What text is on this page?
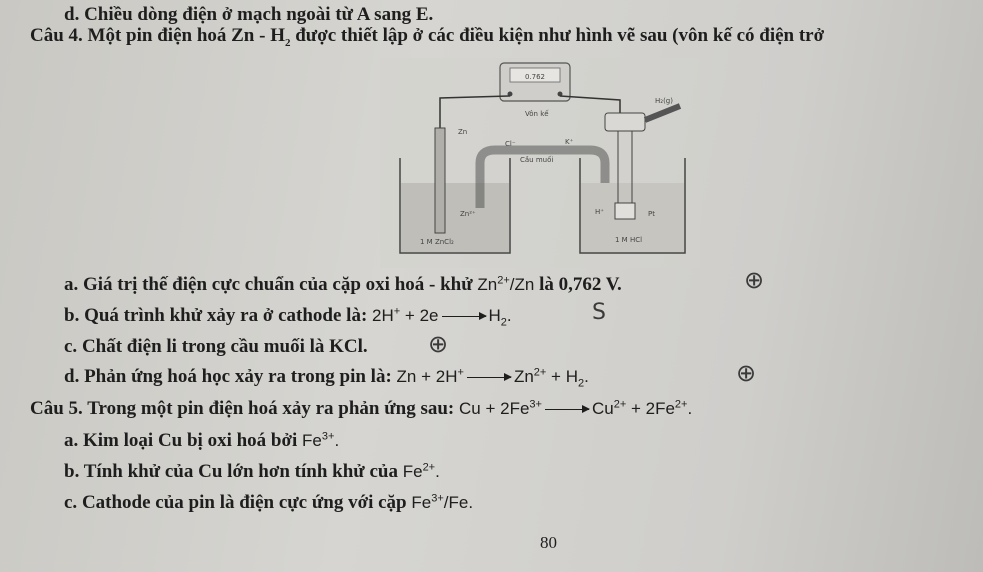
d. Chiều dòng điện ở mạch ngoài từ A sang E.
Câu 4. Một pin điện hoá Zn - $H_2$ được thiết lập ở các điều kiện như hình vẽ sau (vôn kế có điện trở
0.762
Vôn kế
Zn
Zn²⁺
1 M ZnCl₂
Cl⁻	K⁺
Cầu muối
H₂(g)
H⁺	Pt
1 M HCl
a. Giá trị thế điện cực chuẩn của cặp oxi hoá - khử $Zn^{2+}/Zn$ là 0,762 V.	⊕
b. Quá trình khử xảy ra ở cathode là: $2H^+ + 2e \to H_2$.	S
c. Chất điện li trong cầu muối là KCl.	⊕
d. Phản ứng hoá học xảy ra trong pin là: $Zn + 2H^+ \to Zn^{2+} + H_2$.	⊕
Câu 5. Trong một pin điện hoá xảy ra phản ứng sau: $Cu + 2Fe^{3+} \to Cu^{2+} + 2Fe^{2+}$.
a. Kim loại Cu bị oxi hoá bởi $Fe^{3+}$.
b. Tính khử của Cu lớn hơn tính khử của $Fe^{2+}$.
c. Cathode của pin là điện cực ứng với cặp $Fe^{3+}/Fe$.
80
